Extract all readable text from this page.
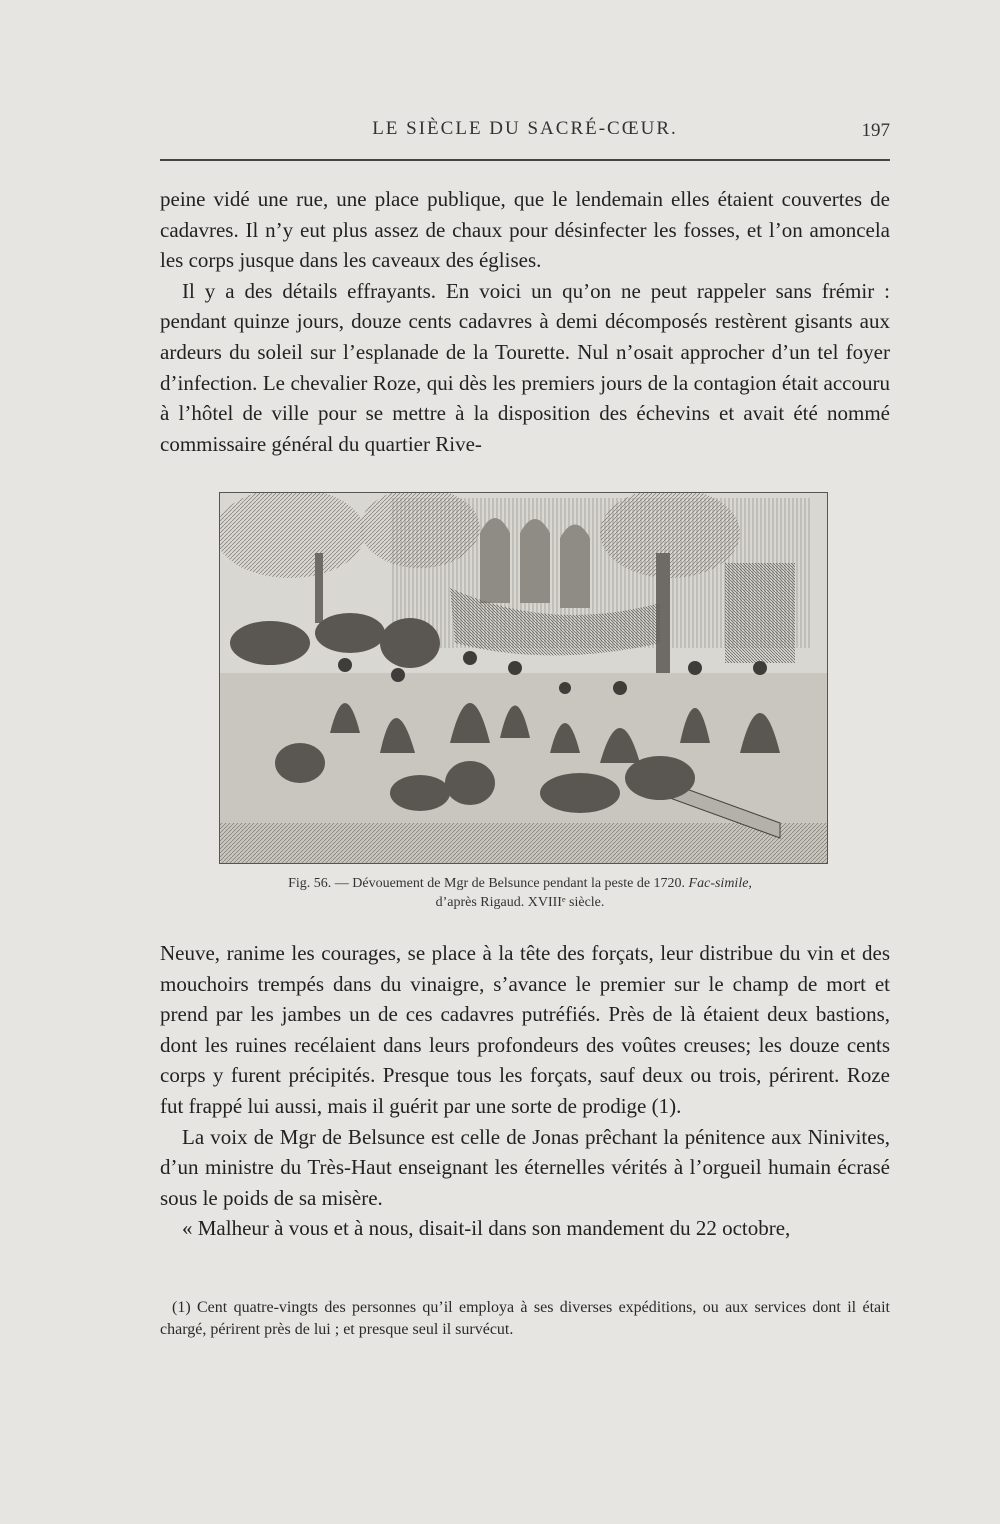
LE SIÈCLE DU SACRÉ-CŒUR.	197

peine vidé une rue, une place publique, que le lendemain elles étaient couvertes de cadavres. Il n’y eut plus assez de chaux pour désinfecter les fosses, et l’on amoncela les corps jusque dans les caveaux des églises.

Il y a des détails effrayants. En voici un qu’on ne peut rappeler sans frémir : pendant quinze jours, douze cents cadavres à demi décomposés restèrent gisants aux ardeurs du soleil sur l’esplanade de la Tourette. Nul n’osait approcher d’un tel foyer d’infection. Le chevalier Roze, qui dès les premiers jours de la contagion était accouru à l’hôtel de ville pour se mettre à la disposition des échevins et avait été nommé commissaire général du quartier Rive-

Fig. 56. — Dévouement de Mgr de Belsunce pendant la peste de 1720. Fac-simile,
d’après Rigaud. XVIIIᵉ siècle.

Neuve, ranime les courages, se place à la tête des forçats, leur distribue du vin et des mouchoirs trempés dans du vinaigre, s’avance le premier sur le champ de mort et prend par les jambes un de ces cadavres putréfiés. Près de là étaient deux bastions, dont les ruines recélaient dans leurs profondeurs des voûtes creuses; les douze cents corps y furent précipités. Presque tous les forçats, sauf deux ou trois, périrent. Roze fut frappé lui aussi, mais il guérit par une sorte de prodige (1).

La voix de Mgr de Belsunce est celle de Jonas prêchant la pénitence aux Ninivites, d’un ministre du Très-Haut enseignant les éternelles vérités à l’orgueil humain écrasé sous le poids de sa misère.

« Malheur à vous et à nous, disait-il dans son mandement du 22 octobre,

(1) Cent quatre-vingts des personnes qu’il employa à ses diverses expéditions, ou aux services dont il était chargé, périrent près de lui ; et presque seul il survécut.
